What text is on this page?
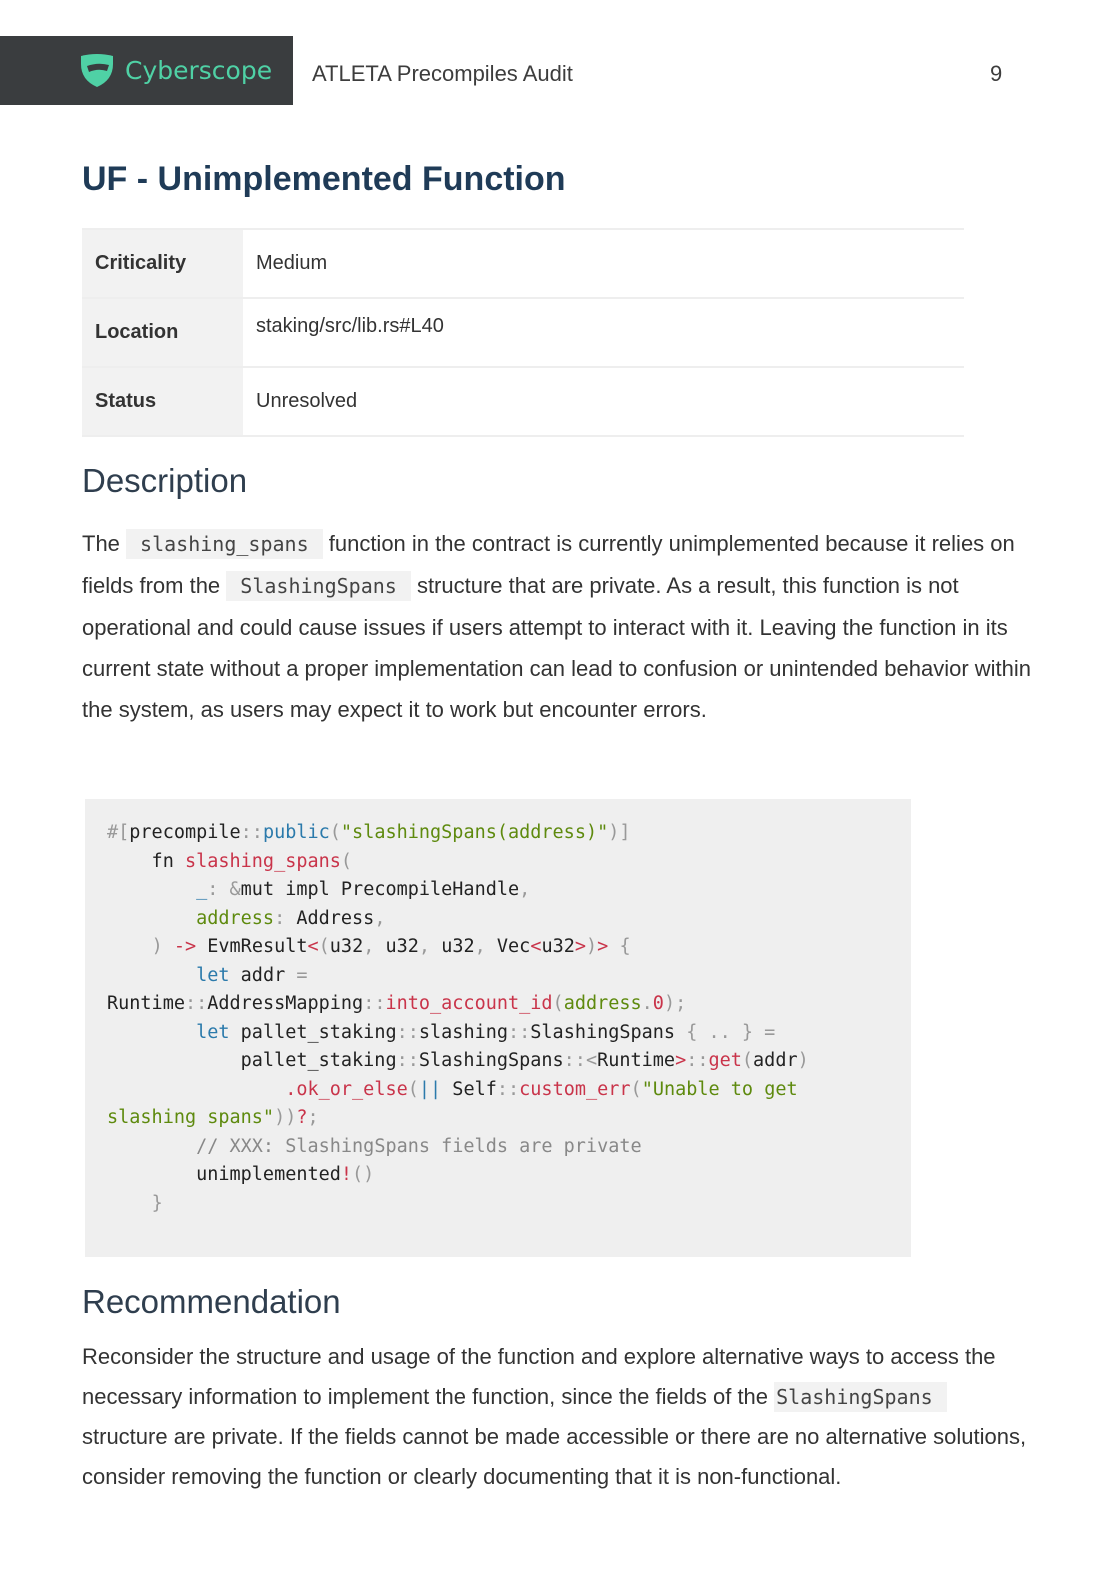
Cyberscope ATLETA Precompiles Audit	9
UF - Unimplemented Function
Criticality	Medium
Location	staking/src/lib.rs#L40
Status	Unresolved
Description

The slashing_spans function in the contract is currently unimplemented because it relies on fields from the SlashingSpans structure that are private. As a result, this function is not operational and could cause issues if users attempt to interact with it. Leaving the function in its current state without a proper implementation can lead to confusion or unintended behavior within the system, as users may expect it to work but encounter errors.

#[precompile::public("slashingSpans(address)")]
fn slashing_spans(
_: &mut impl PrecompileHandle,
address: Address,
) -> EvmResult<(u32, u32, u32, Vec<u32>)> {
let addr =
Runtime::AddressMapping::into_account_id(address.0);
let pallet_staking::slashing::SlashingSpans { .. } =
pallet_staking::SlashingSpans::<Runtime>::get(addr)
.ok_or_else(|| Self::custom_err("Unable to get
slashing spans"))?;
// XXX: SlashingSpans fields are private
unimplemented!()
}
Recommendation

Reconsider the structure and usage of the function and explore alternative ways to access the necessary information to implement the function, since the fields of the SlashingSpans structure are private. If the fields cannot be made accessible or there are no alternative solutions, consider removing the function or clearly documenting that it is non-functional.
